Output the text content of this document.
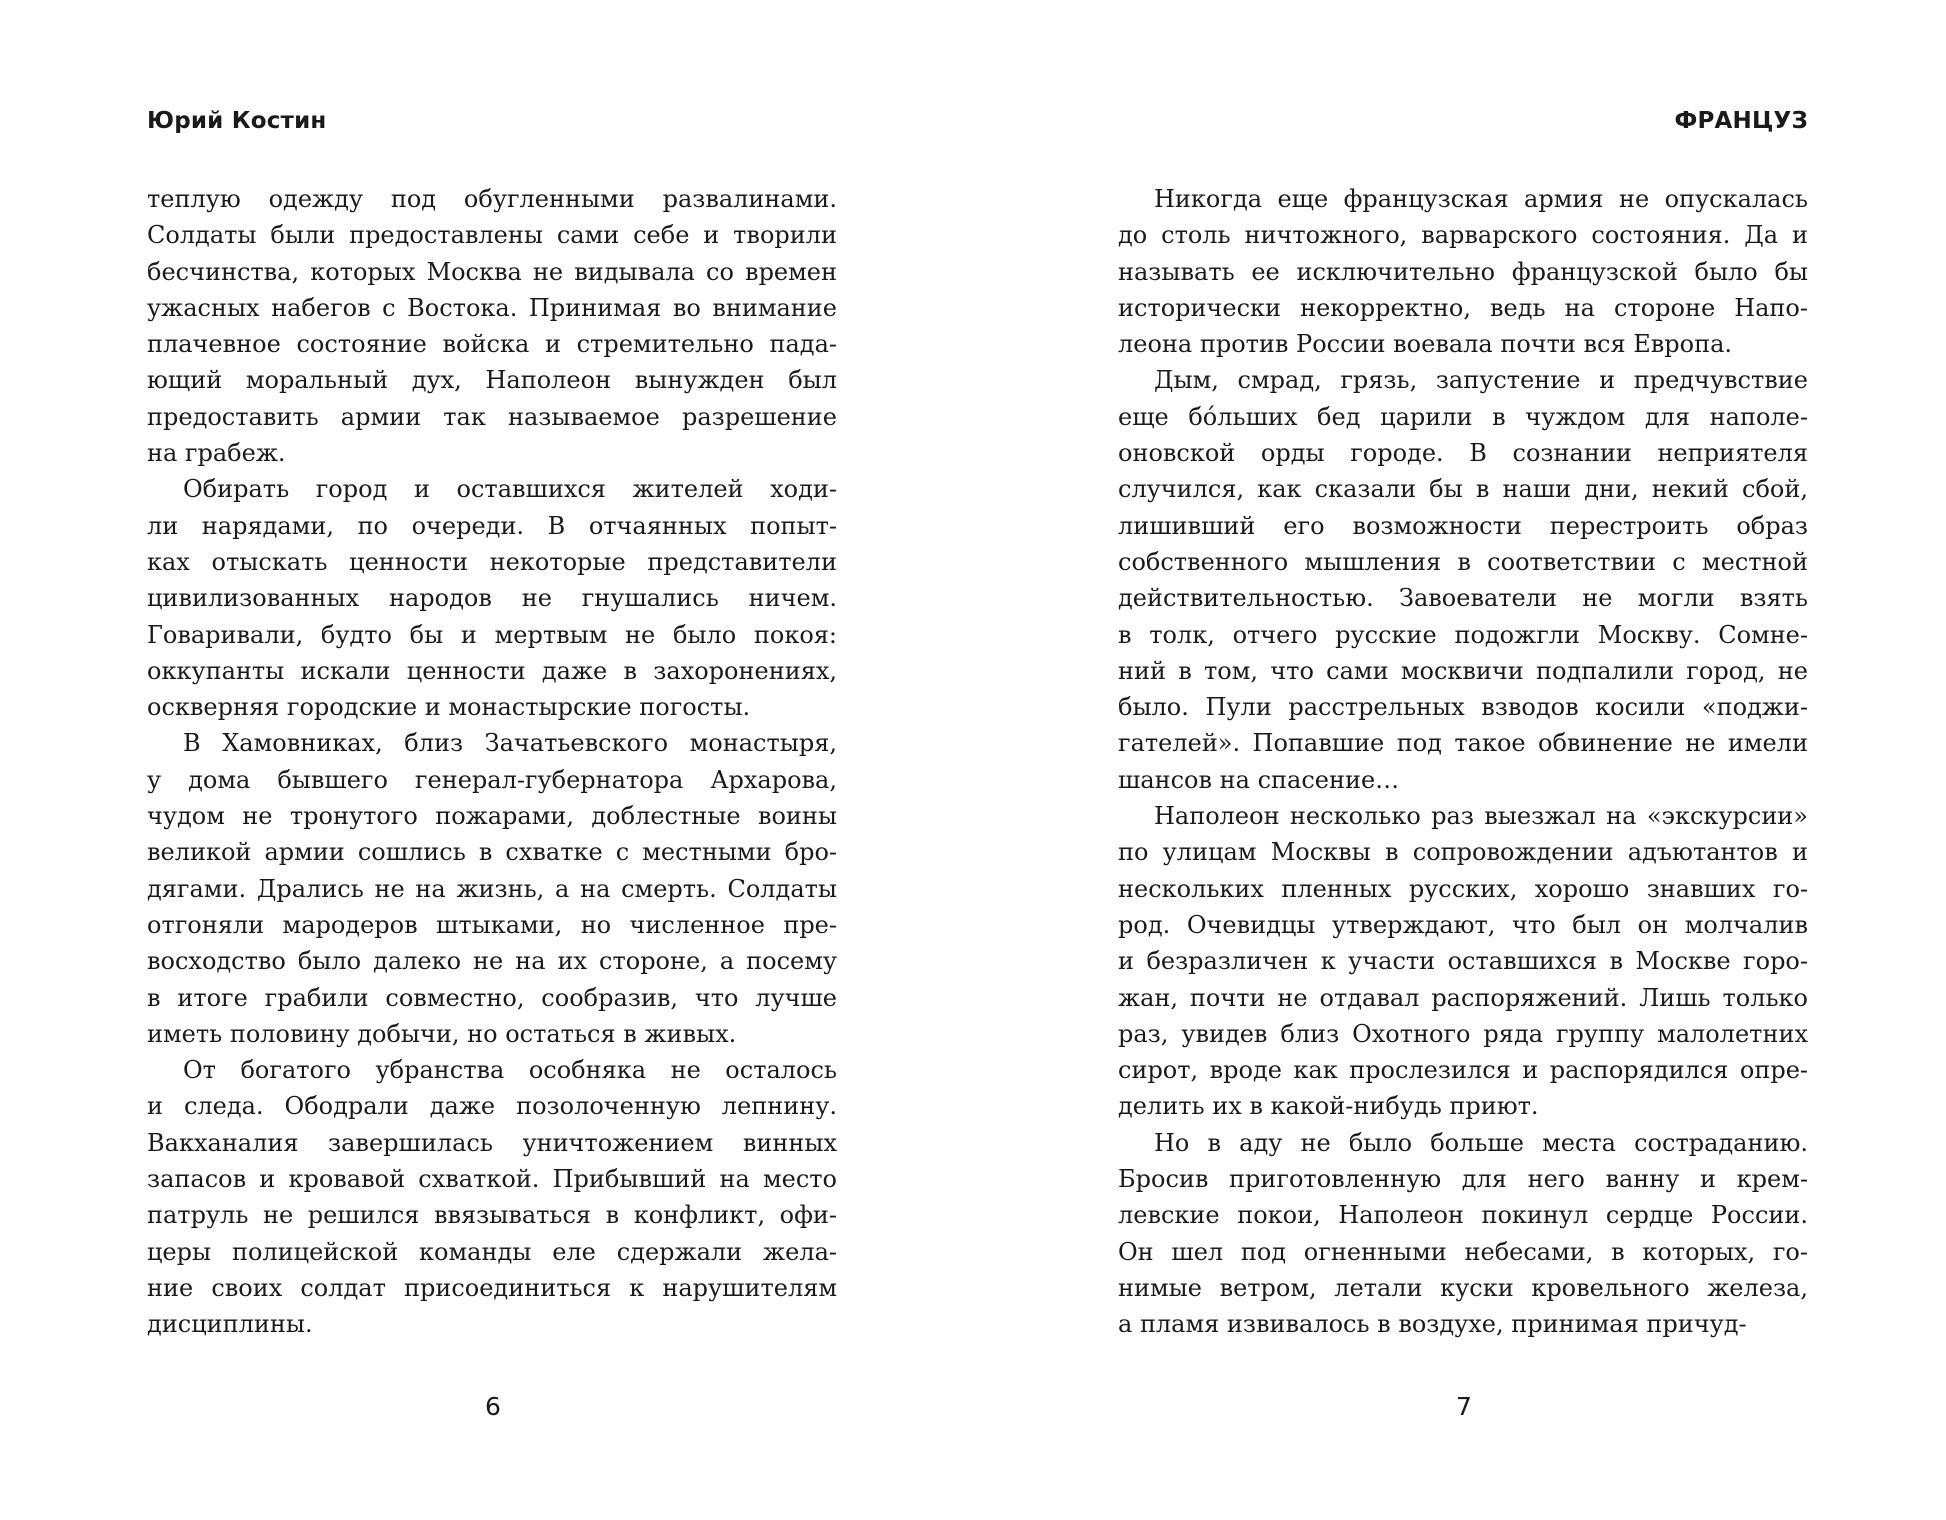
Юрий Костин
теплую одежду под обугленными развалинами.
Солдаты были предоставлены сами себе и творили
бесчинства, которых Москва не видывала со времен
ужасных набегов с Востока. Принимая во внимание
плачевное состояние войска и стремительно пада-
ющий моральный дух, Наполеон вынужден был
предоставить армии так называемое разрешение
на грабеж.
Обирать город и оставшихся жителей ходи-
ли нарядами, по очереди. В отчаянных попыт-
ках отыскать ценности некоторые представители
цивилизованных народов не гнушались ничем.
Говаривали, будто бы и мертвым не было покоя:
оккупанты искали ценности даже в захоронениях,
оскверняя городские и монастырские погосты.
В Хамовниках, близ Зачатьевского монастыря,
у дома бывшего генерал-губернатора Архарова,
чудом не тронутого пожарами, доблестные воины
великой армии сошлись в схватке с местными бро-
дягами. Дрались не на жизнь, а на смерть. Солдаты
отгоняли мародеров штыками, но численное пре-
восходство было далеко не на их стороне, а посему
в итоге грабили совместно, сообразив, что лучше
иметь половину добычи, но остаться в живых.
От богатого убранства особняка не осталось
и следа. Ободрали даже позолоченную лепнину.
Вакханалия завершилась уничтожением винных
запасов и кровавой схваткой. Прибывший на место
патруль не решился ввязываться в конфликт, офи-
церы полицейской команды еле сдержали жела-
ние своих солдат присоединиться к нарушителям
дисциплины.
6
ФРАНЦУЗ
Никогда еще французская армия не опускалась
до столь ничтожного, варварского состояния. Да и
называть ее исключительно французской было бы
исторически некорректно, ведь на стороне Напо-
леона против России воевала почти вся Европа.
Дым, смрад, грязь, запустение и предчувствие
еще бóльших бед царили в чуждом для наполе-
оновской орды городе. В сознании неприятеля
случился, как сказали бы в наши дни, некий сбой,
лишивший его возможности перестроить образ
собственного мышления в соответствии с местной
действительностью. Завоеватели не могли взять
в толк, отчего русские подожгли Москву. Сомне-
ний в том, что сами москвичи подпалили город, не
было. Пули расстрельных взводов косили «поджи-
гателей». Попавшие под такое обвинение не имели
шансов на спасение…
Наполеон несколько раз выезжал на «экскурсии»
по улицам Москвы в сопровождении адъютантов и
нескольких пленных русских, хорошо знавших го-
род. Очевидцы утверждают, что был он молчалив
и безразличен к участи оставшихся в Москве горо-
жан, почти не отдавал распоряжений. Лишь только
раз, увидев близ Охотного ряда группу малолетних
сирот, вроде как прослезился и распорядился опре-
делить их в какой-нибудь приют.
Но в аду не было больше места состраданию.
Бросив приготовленную для него ванну и крем-
левские покои, Наполеон покинул сердце России.
Он шел под огненными небесами, в которых, го-
нимые ветром, летали куски кровельного железа,
а пламя извивалось в воздухе, принимая причуд-
7
